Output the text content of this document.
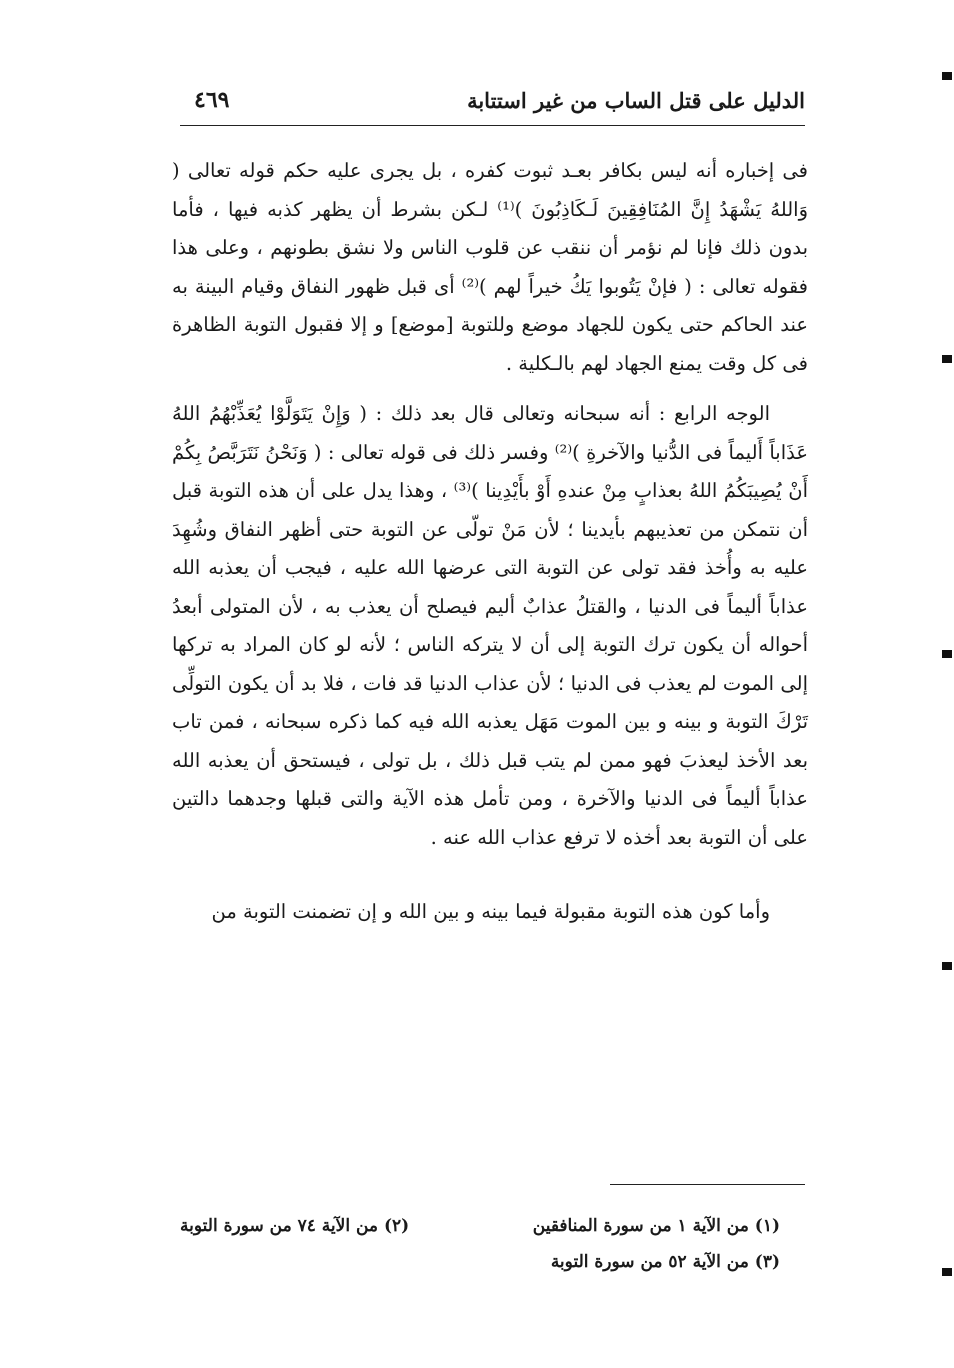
الدليل على قتل الساب من غير استتابة
٤٦٩

فى إخباره أنه ليس بكافر بعـد ثبوت كفره ، بل يجرى عليه حكم قوله تعالى ( وَاللهُ يَشْهَدُ إِنَّ المُنَافِقِينَ لَـكَاذِبُونَ )⁽¹⁾ لـكن بشرط أن يظهر كذبه فيها ، فأما بدون ذلك فإنا لم نؤمر أن ننقب عن قلوب الناس ولا نشق بطونهم ، وعلى هذا فقوله تعالى : ( فإنْ يَتُوبوا يَكُ خيراً لهم )⁽²⁾ أى قبل ظهور النفاق وقيام البينة به عند الحاكم حتى يكون للجهاد موضع وللتوبة [موضع] و إلا فقبول التوبة الظاهرة فى كل وقت يمنع الجهاد لهم بالـكلية .

الوجه الرابع : أنه سبحانه وتعالى قال بعد ذلك : ( وَإِنْ يَتَوَلَّوْا يُعَذِّبْهُمُ اللهُ عَذَاباً أَليماً فى الدُّنيا والآخرةِ )⁽²⁾ وفسر ذلك فى قوله تعالى : ( وَنَحْنُ نَتَرَبَّصُ بِكُمْ أَنْ يُصِيبَكُمُ اللهُ بعذابٍ مِنْ عندهِ أَوْ بأَيْدِينا )⁽³⁾ ، وهذا يدل على أن هذه التوبة قبل أن نتمكن من تعذيبهم بأيدينا ؛ لأن مَنْ تولّى عن التوبة حتى أظهر النفاق وشُهِدَ عليه به وأُخذ فقد تولى عن التوبة التى عرضها الله عليه ، فيجب أن يعذبه الله عذاباً أليماً فى الدنيا ، والقتلُ عذابٌ أليم فيصلح أن يعذب به ، لأن المتولى أبعدُ أحواله أن يكون ترك التوبة إلى أن لا يتركه الناس ؛ لأنه لو كان المراد به تركها إلى الموت لم يعذب فى الدنيا ؛ لأن عذاب الدنيا قد فات ، فلا بد أن يكون التولِّى تَرْكَ التوبة و بينه و بين الموت مَهَل يعذبه الله فيه كما ذكره سبحانه ، فمن تاب بعد الأخذ ليعذبَ فهو ممن لم يتب قبل ذلك ، بل تولى ، فيستحق أن يعذبه الله عذاباً أليماً فى الدنيا والآخرة ، ومن تأمل هذه الآية والتى قبلها وجدهما دالتين على أن التوبة بعد أخذه لا ترفع عذاب الله عنه .

وأما كون هذه التوبة مقبولة فيما بينه و بين الله و إن تضمنت التوبة من

(١) من الآية ١ من سورة المنافقين
(٢) من الآية ٧٤ من سورة التوبة
(٣) من الآية ٥٢ من سورة التوبة
